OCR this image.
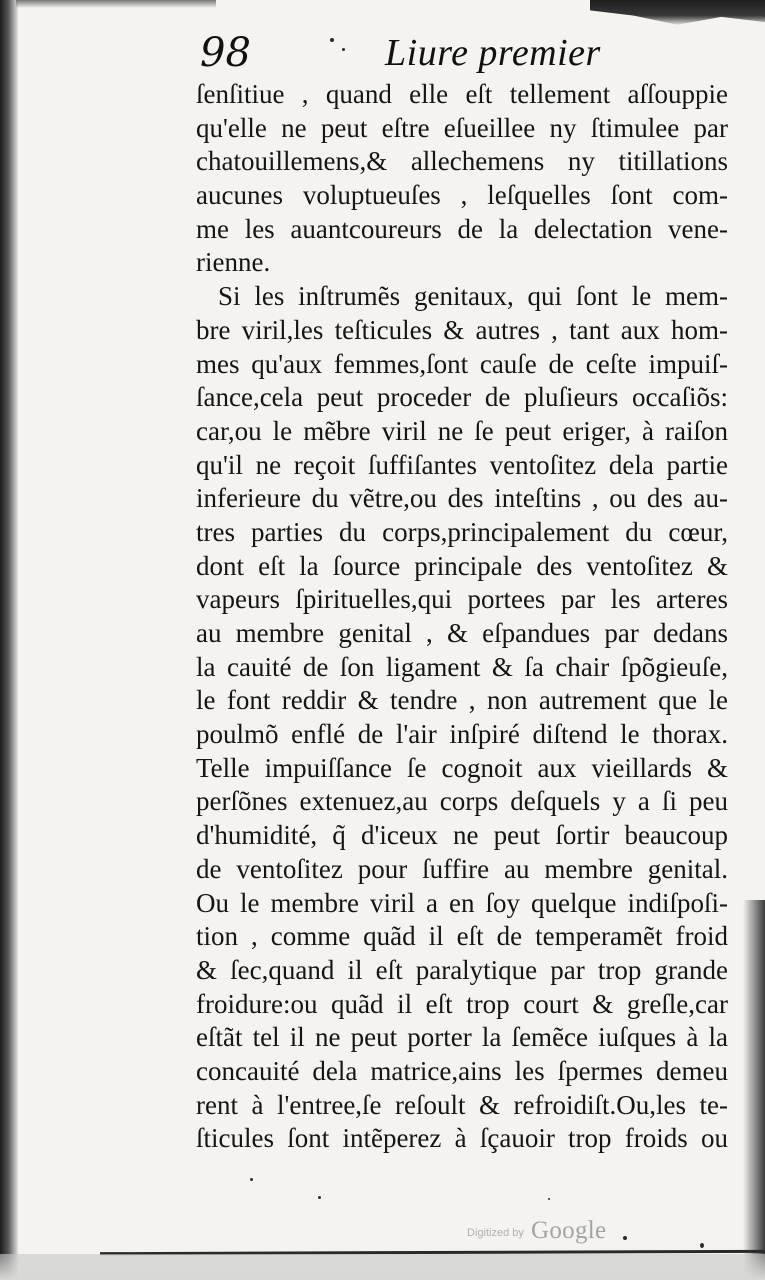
98	Liure premier
ſenſitiue , quand elle eſt tellement aſſouppie
qu'elle ne peut eſtre eſueillee ny ſtimulee par
chatouillemens,& allechemens ny titillations
aucunes voluptueuſes , leſquelles ſont com-
me les auantcoureurs de la delectation vene-
rienne.
Si les inſtrumẽs genitaux, qui ſont le mem-
bre viril,les teſticules & autres , tant aux hom-
mes qu'aux femmes,ſont cauſe de ceſte impuiſ-
ſance,cela peut proceder de pluſieurs occaſiõs:
car,ou le mẽbre viril ne ſe peut eriger, à raiſon
qu'il ne reçoit ſuffiſantes ventoſitez dela partie
inferieure du vẽtre,ou des inteſtins , ou des au-
tres parties du corps,principalement du cœur,
dont eſt la ſource principale des ventoſitez &
vapeurs ſpirituelles,qui portees par les arteres
au membre genital , & eſpandues par dedans
la cauité de ſon ligament & ſa chair ſpõgieuſe,
le font reddir & tendre , non autrement que le
poulmõ enflé de l'air inſpiré diſtend le thorax.
Telle impuiſſance ſe cognoit aux vieillards &
perſõnes extenuez,au corps deſquels y a ſi peu
d'humidité, q̃ d'iceux ne peut ſortir beaucoup
de ventoſitez pour ſuffire au membre genital.
Ou le membre viril a en ſoy quelque indiſpoſi-
tion , comme quãd il eſt de temperamẽt froid
& ſec,quand il eſt paralytique par trop grande
froidure:ou quãd il eſt trop court & greſle,car
eſtãt tel il ne peut porter la ſemẽce iuſques à la
concauité dela matrice,ains les ſpermes demeu
rent à l'entree,ſe reſoult & refroidiſt.Ou,les te-
ſticules ſont intẽperez à ſçauoir trop froids ou
Digitized by Google
